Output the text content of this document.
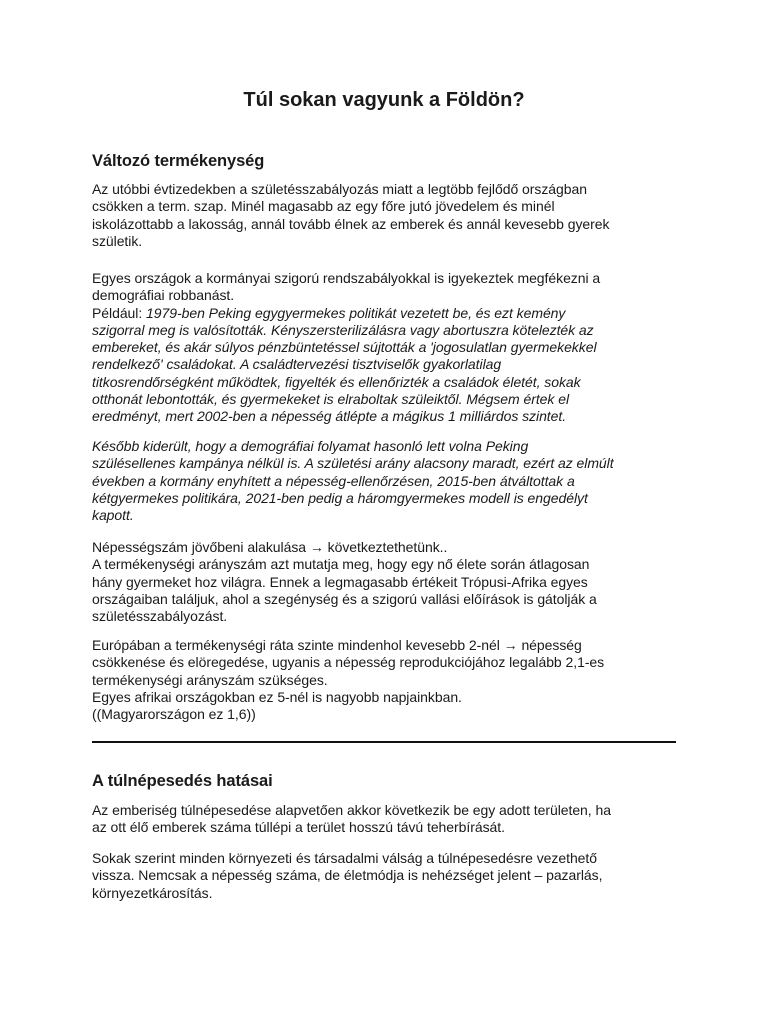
Túl sokan vagyunk a Földön?
Változó termékenység
Az utóbbi évtizedekben a születésszabályozás miatt a legtöbb fejlődő országban
csökken a term. szap. Minél magasabb az egy főre jutó jövedelem és minél
iskolázottabb a lakosság, annál tovább élnek az emberek és annál kevesebb gyerek
születik.
Egyes országok a kormányai szigorú rendszabályokkal is igyekeztek megfékezni a
demográfiai robbanást.
Például: 1979-ben Peking egygyermekes politikát vezetett be, és ezt kemény
szigorral meg is valósították. Kényszersterilizálásra vagy abortuszra kötelezték az
embereket, és akár súlyos pénzbüntetéssel sújtották a 'jogosulatlan gyermekekkel
rendelkező' családokat. A családtervezési tisztviselők gyakorlatilag
titkosrendőrségként működtek, figyelték és ellenőrizték a családok életét, sokak
otthonát lebontották, és gyermekeket is elraboltak szüleiktől. Mégsem értek el
eredményt, mert 2002-ben a népesség átlépte a mágikus 1 milliárdos szintet.
Később kiderült, hogy a demográfiai folyamat hasonló lett volna Peking
szülésellenes kampánya nélkül is. A születési arány alacsony maradt, ezért az elmúlt
években a kormány enyhített a népesség-ellenőrzésen, 2015-ben átváltottak a
kétgyermekes politikára, 2021-ben pedig a háromgyermekes modell is engedélyt
kapott.
Népességszám jövőbeni alakulása → következtethetünk..
A termékenységi arányszám azt mutatja meg, hogy egy nő élete során átlagosan
hány gyermeket hoz világra. Ennek a legmagasabb értékeit Trópusi-Afrika egyes
országaiban találjuk, ahol a szegénység és a szigorú vallási előírások is gátolják a
születésszabályozást.
Európában a termékenységi ráta szinte mindenhol kevesebb 2-nél → népesség
csökkenése és elöregedése, ugyanis a népesség reprodukciójához legalább 2,1-es
termékenységi arányszám szükséges.
Egyes afrikai országokban ez 5-nél is nagyobb napjainkban.
((Magyarországon ez 1,6))
A túlnépesedés hatásai
Az emberiség túlnépesedése alapvetően akkor következik be egy adott területen, ha
az ott élő emberek száma túllépi a terület hosszú távú teherbírását.
Sokak szerint minden környezeti és társadalmi válság a túlnépesedésre vezethető
vissza. Nemcsak a népesség száma, de életmódja is nehézséget jelent – pazarlás,
környezetkárosítás.
